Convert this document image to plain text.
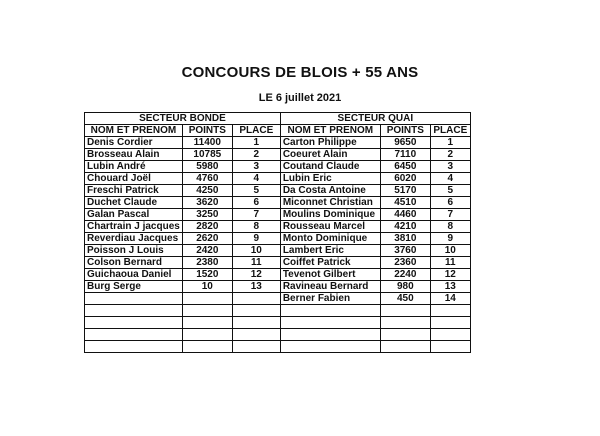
CONCOURS DE BLOIS + 55 ANS
LE 6 juillet 2021
SECTEUR BONDE			SECTEUR QUAI		
NOM ET PRENOM	POINTS	PLACE	NOM ET PRENOM	POINTS	PLACE
Denis Cordier	11400	1	Carton Philippe	9650	1
Brosseau Alain	10785	2	Coeuret Alain	7110	2
Lubin André	5980	3	Coutand Claude	6450	3
Chouard Joël	4760	4	Lubin Eric	6020	4
Freschi Patrick	4250	5	Da Costa Antoine	5170	5
Duchet Claude	3620	6	Miconnet Christian	4510	6
Galan Pascal	3250	7	Moulins Dominique	4460	7
Chartrain J jacques	2820	8	Rousseau Marcel	4210	8
Reverdiau Jacques	2620	9	Monto Dominique	3810	9
Poisson J Louis	2420	10	Lambert Eric	3760	10
Colson Bernard	2380	11	Coiffet Patrick	2360	11
Guichaoua Daniel	1520	12	Tevenot Gilbert	2240	12
Burg Serge	10	13	Ravineau Bernard	980	13
			Berner Fabien	450	14
